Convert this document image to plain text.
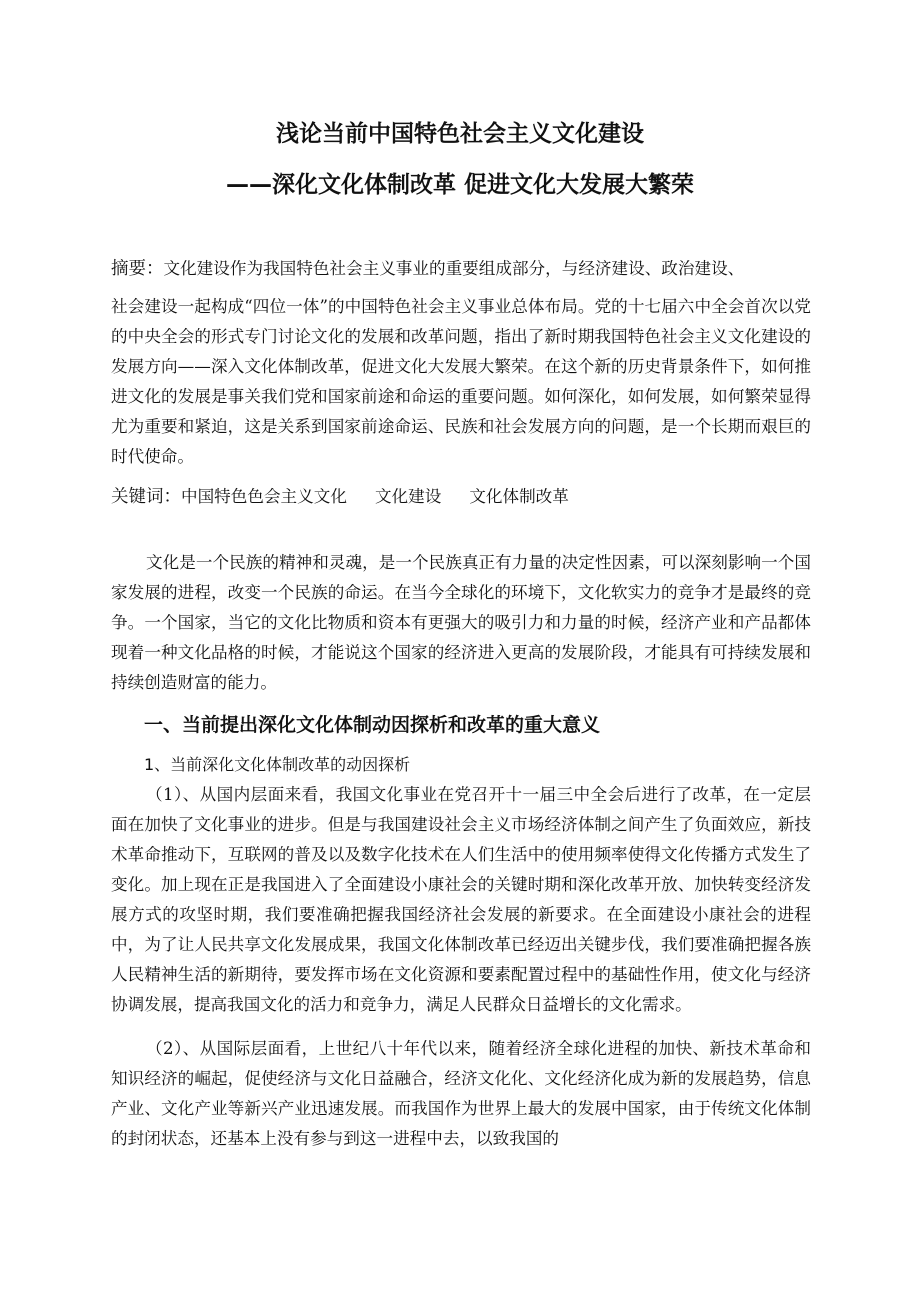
浅论当前中国特色社会主义文化建设
——深化文化体制改革 促进文化大发展大繁荣
摘要：文化建设作为我国特色社会主义事业的重要组成部分，与经济建设、政治建设、
社会建设一起构成“四位一体”的中国特色社会主义事业总体布局。党的十七届六中全会首次以党的中央全会的形式专门讨论文化的发展和改革问题，指出了新时期我国特色社会主义文化建设的发展方向——深入文化体制改革，促进文化大发展大繁荣。在这个新的历史背景条件下，如何推进文化的发展是事关我们党和国家前途和命运的重要问题。如何深化，如何发展，如何繁荣显得尤为重要和紧迫，这是关系到国家前途命运、民族和社会发展方向的问题，是一个长期而艰巨的时代使命。
关键词：中国特色色会主义文化 文化建设 文化体制改革
文化是一个民族的精神和灵魂，是一个民族真正有力量的决定性因素，可以深刻影响一个国家发展的进程，改变一个民族的命运。在当今全球化的环境下，文化软实力的竞争才是最终的竞争。一个国家，当它的文化比物质和资本有更强大的吸引力和力量的时候，经济产业和产品都体现着一种文化品格的时候，才能说这个国家的经济进入更高的发展阶段，才能具有可持续发展和持续创造财富的能力。
一、当前提出深化文化体制动因探析和改革的重大意义
1、当前深化文化体制改革的动因探析
（1）、从国内层面来看，我国文化事业在党召开十一届三中全会后进行了改革，在一定层面在加快了文化事业的进步。但是与我国建设社会主义市场经济体制之间产生了负面效应，新技术革命推动下，互联网的普及以及数字化技术在人们生活中的使用频率使得文化传播方式发生了变化。加上现在正是我国进入了全面建设小康社会的关键时期和深化改革开放、加快转变经济发展方式的攻坚时期，我们要准确把握我国经济社会发展的新要求。在全面建设小康社会的进程中，为了让人民共享文化发展成果，我国文化体制改革已经迈出关键步伐，我们要准确把握各族人民精神生活的新期待，要发挥市场在文化资源和要素配置过程中的基础性作用，使文化与经济协调发展，提高我国文化的活力和竞争力，满足人民群众日益增长的文化需求。
（2）、从国际层面看，上世纪八十年代以来，随着经济全球化进程的加快、新技术革命和知识经济的崛起，促使经济与文化日益融合，经济文化化、文化经济化成为新的发展趋势，信息产业、文化产业等新兴产业迅速发展。而我国作为世界上最大的发展中国家，由于传统文化体制的封闭状态，还基本上没有参与到这一进程中去，以致我国的
